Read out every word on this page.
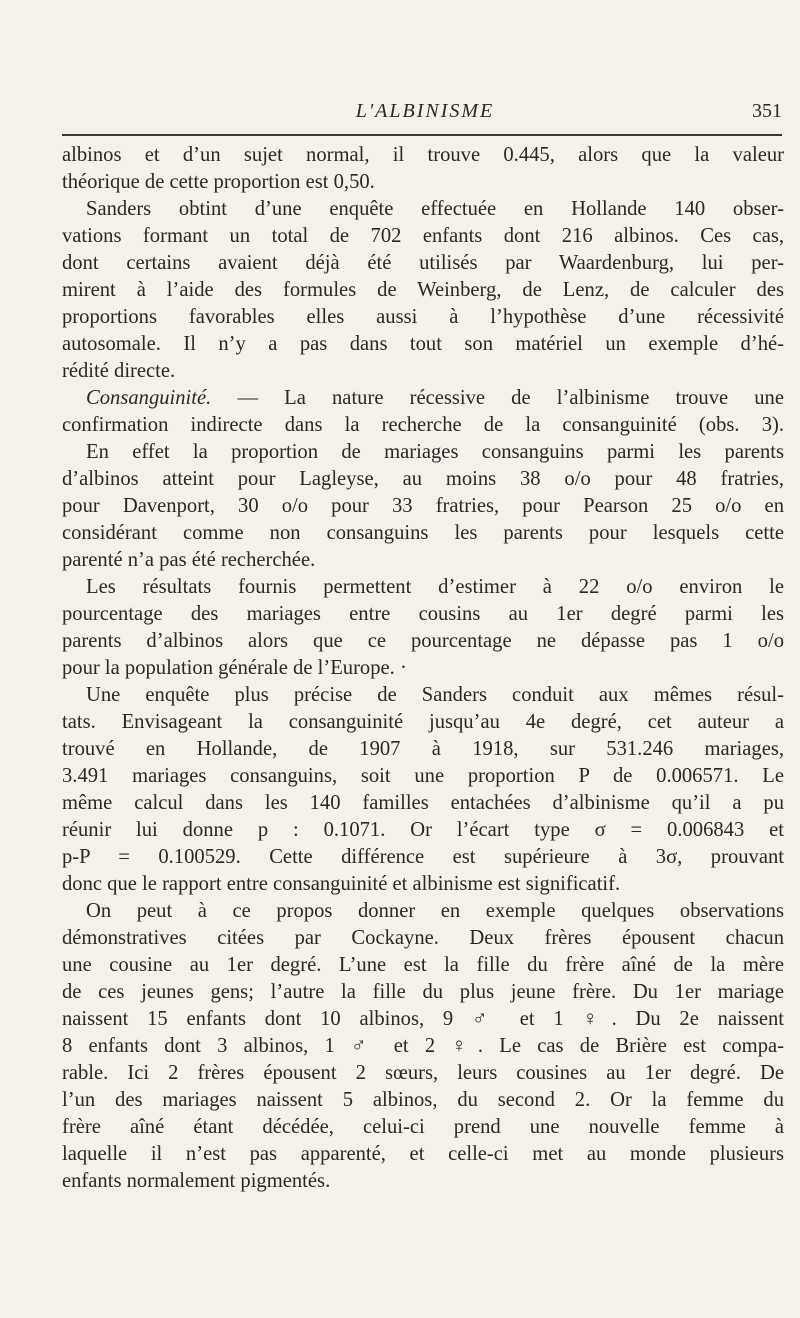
L'ALBINISME	351
albinos et d’un sujet normal, il trouve 0.445, alors que la valeur
théorique de cette proportion est 0,50.
Sanders obtint d’une enquête effectuée en Hollande 140 obser-
vations formant un total de 702 enfants dont 216 albinos. Ces cas,
dont certains avaient déjà été utilisés par Waardenburg, lui per-
mirent à l’aide des formules de Weinberg, de Lenz, de calculer des
proportions favorables elles aussi à l’hypothèse d’une récessivité
autosomale. Il n’y a pas dans tout son matériel un exemple d’hé-
rédité directe.
Consanguinité. — La nature récessive de l’albinisme trouve une
confirmation indirecte dans la recherche de la consanguinité (obs. 3).
En effet la proportion de mariages consanguins parmi les parents
d’albinos atteint pour Lagleyse, au moins 38 o/o pour 48 fratries,
pour Davenport, 30 o/o pour 33 fratries, pour Pearson 25 o/o en
considérant comme non consanguins les parents pour lesquels cette
parenté n’a pas été recherchée.
Les résultats fournis permettent d’estimer à 22 o/o environ le
pourcentage des mariages entre cousins au 1er degré parmi les
parents d’albinos alors que ce pourcentage ne dépasse pas 1 o/o
pour la population générale de l’Europe. ·
Une enquête plus précise de Sanders conduit aux mêmes résul-
tats. Envisageant la consanguinité jusqu’au 4e degré, cet auteur a
trouvé en Hollande, de 1907 à 1918, sur 531.246 mariages,
3.491 mariages consanguins, soit une proportion P de 0.006571. Le
même calcul dans les 140 familles entachées d’albinisme qu’il a pu
réunir lui donne p : 0.1071. Or l’écart type σ = 0.006843 et
p-P = 0.100529. Cette différence est supérieure à 3σ, prouvant
donc que le rapport entre consanguinité et albinisme est significatif.
On peut à ce propos donner en exemple quelques observations
démonstratives citées par Cockayne. Deux frères épousent chacun
une cousine au 1er degré. L’une est la fille du frère aîné de la mère
de ces jeunes gens; l’autre la fille du plus jeune frère. Du 1er mariage
naissent 15 enfants dont 10 albinos, 9 ♂ et 1 ♀. Du 2e naissent
8 enfants dont 3 albinos, 1 ♂ et 2 ♀. Le cas de Brière est compa-
rable. Ici 2 frères épousent 2 sœurs, leurs cousines au 1er degré. De
l’un des mariages naissent 5 albinos, du second 2. Or la femme du
frère aîné étant décédée, celui-ci prend une nouvelle femme à
laquelle il n’est pas apparenté, et celle-ci met au monde plusieurs
enfants normalement pigmentés.
